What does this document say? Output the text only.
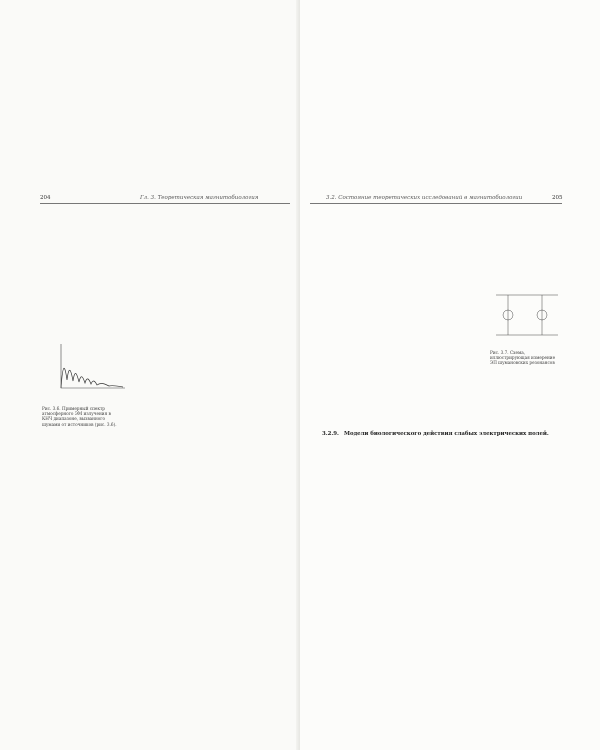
204	Гл. 3. Теоретическая магнитобиология
Рис. 3.6. Примерный спектр атмосферного ЭМ излучения в КНЧ диапазоне, вызванного шумами от источников (рис. 3.6).
3.2. Состояние теоретических исследований в магнитобиологии	205
Рис. 3.7. Схема, иллюстрирующая измерение ЭП шумановских резонансов
3.2.9. Модели биологического действия слабых электрических полей.
